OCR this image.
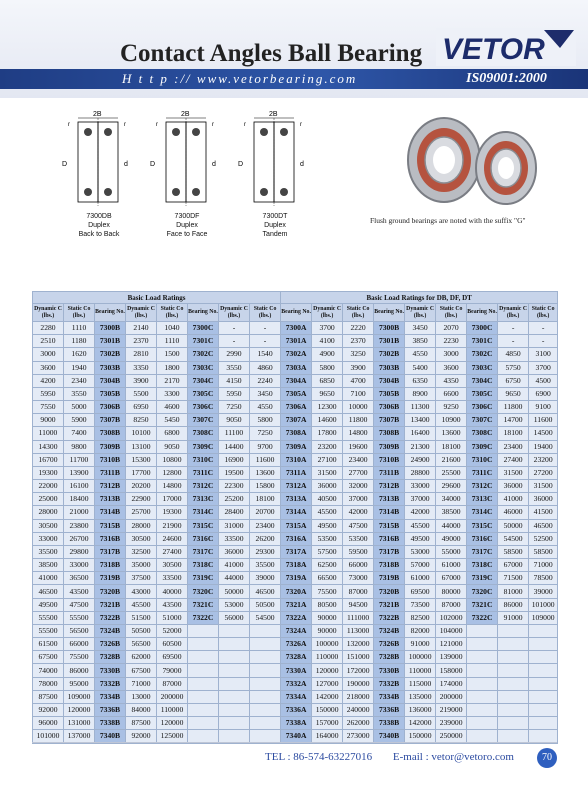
Contact Angles Ball Bearing VETOR
H t t p :// www.vetorbearing.com	IS09001:2000
2B
r	r
D	d
7300DB
Duplex
Back to Back
2B
r	r
D	d
7300DF
Duplex
Face to Face
2B
r	r
D	d
7300DT
Duplex
Tandem
Flush ground bearings are noted with the suffix "G"
Basic Load Ratings								Basic Load Ratings for DB, DF, DT								
Dynamic C (lbs.)	Static Co (lbs.)	Bearing No.	Dynamic C (lbs.)	Static Co (lbs.)	Bearing No.	Dynamic C (lbs.)	Static Co (lbs.)	Bearing No.	Dynamic C (lbs.)	Static Co (lbs.)	Bearing No.	Dynamic C (lbs.)	Static Co (lbs.)	Bearing No.	Dynamic C (lbs.)	Static Co (lbs.)
2280	1110	7300B	2140	1040	7300C	-	-	7300A	3700	2220	7300B	3450	2070	7300C	-	-
2510	1180	7301B	2370	1110	7301C	-	-	7301A	4100	2370	7301B	3850	2230	7301C	-	-
3000	1620	7302B	2810	1500	7302C	2990	1540	7302A	4900	3250	7302B	4550	3000	7302C	4850	3100
3600	1940	7303B	3350	1800	7303C	3550	4860	7303A	5800	3900	7303B	5400	3600	7303C	5750	3700
4200	2340	7304B	3900	2170	7304C	4150	2240	7304A	6850	4700	7304B	6350	4350	7304C	6750	4500
5950	3550	7305B	5500	3300	7305C	5950	3450	7305A	9650	7100	7305B	8900	6600	7305C	9650	6900
7550	5000	7306B	6950	4600	7306C	7250	4550	7306A	12300	10000	7306B	11300	9250	7306C	11800	9100
9000	5900	7307B	8250	5450	7307C	9050	5800	7307A	14600	11800	7307B	13400	10900	7307C	14700	11600
11000	7400	7308B	10100	6800	7308C	11100	7250	7308A	17800	14800	7308B	16400	13600	7308C	18100	14500
14300	9800	7309B	13100	9050	7309C	14400	9700	7309A	23200	19600	7309B	21300	18100	7309C	23400	19400
16700	11700	7310B	15300	10800	7310C	16900	11600	7310A	27100	23400	7310B	24900	21600	7310C	27400	23200
19300	13900	7311B	17700	12800	7311C	19500	13600	7311A	31500	27700	7311B	28800	25500	7311C	31500	27200
22000	16100	7312B	20200	14800	7312C	22300	15800	7312A	36000	32000	7312B	33000	29600	7312C	36000	31500
25000	18400	7313B	22900	17000	7313C	25200	18100	7313A	40500	37000	7313B	37000	34000	7313C	41000	36000
28000	21000	7314B	25700	19300	7314C	28400	20700	7314A	45500	42000	7314B	42000	38500	7314C	46000	41500
30500	23800	7315B	28000	21900	7315C	31000	23400	7315A	49500	47500	7315B	45500	44000	7315C	50000	46500
33000	26700	7316B	30500	24600	7316C	33500	26200	7316A	53500	53500	7316B	49500	49000	7316C	54500	52500
35500	29800	7317B	32500	27400	7317C	36000	29300	7317A	57500	59500	7317B	53000	55000	7317C	58500	58500
38500	33000	7318B	35000	30500	7318C	41000	35500	7318A	62500	66000	7318B	57000	61000	7318C	67000	71000
41000	36500	7319B	37500	33500	7319C	44000	39000	7319A	66500	73000	7319B	61000	67000	7319C	71500	78500
46500	43500	7320B	43000	40000	7320C	50000	46500	7320A	75500	87000	7320B	69500	80000	7320C	81000	39000
49500	47500	7321B	45500	43500	7321C	53000	50500	7321A	80500	94500	7321B	73500	87000	7321C	86000	101000
55500	55500	7322B	51500	51000	7322C	56000	54500	7322A	90000	111000	7322B	82500	102000	7322C	91000	109000
55500	56500	7324B	50500	52000				7324A	90000	113000	7324B	82000	104000			
61500	66000	7326B	56500	60500				7326A	100000	132000	7326B	91000	121000			
67500	75500	7328B	62000	69500				7328A	110000	151000	7328B	100000	139000			
74000	86000	7330B	67500	79000				7330A	120000	172000	7330B	110000	158000			
78000	95000	7332B	71000	87000				7332A	127000	190000	7332B	115000	174000			
87500	109000	7334B	13000	200000				7334A	142000	218000	7334B	135000	200000			
92000	120000	7336B	84000	110000				7336A	150000	240000	7336B	136000	219000			
96000	131000	7338B	87500	120000				7338A	157000	262000	7338B	142000	239000			
101000	137000	7340B	92000	125000				7340A	164000	273000	7340B	150000	250000			
TEL : 86-574-63227016 E-mail : vetor@vetoro.com	70
